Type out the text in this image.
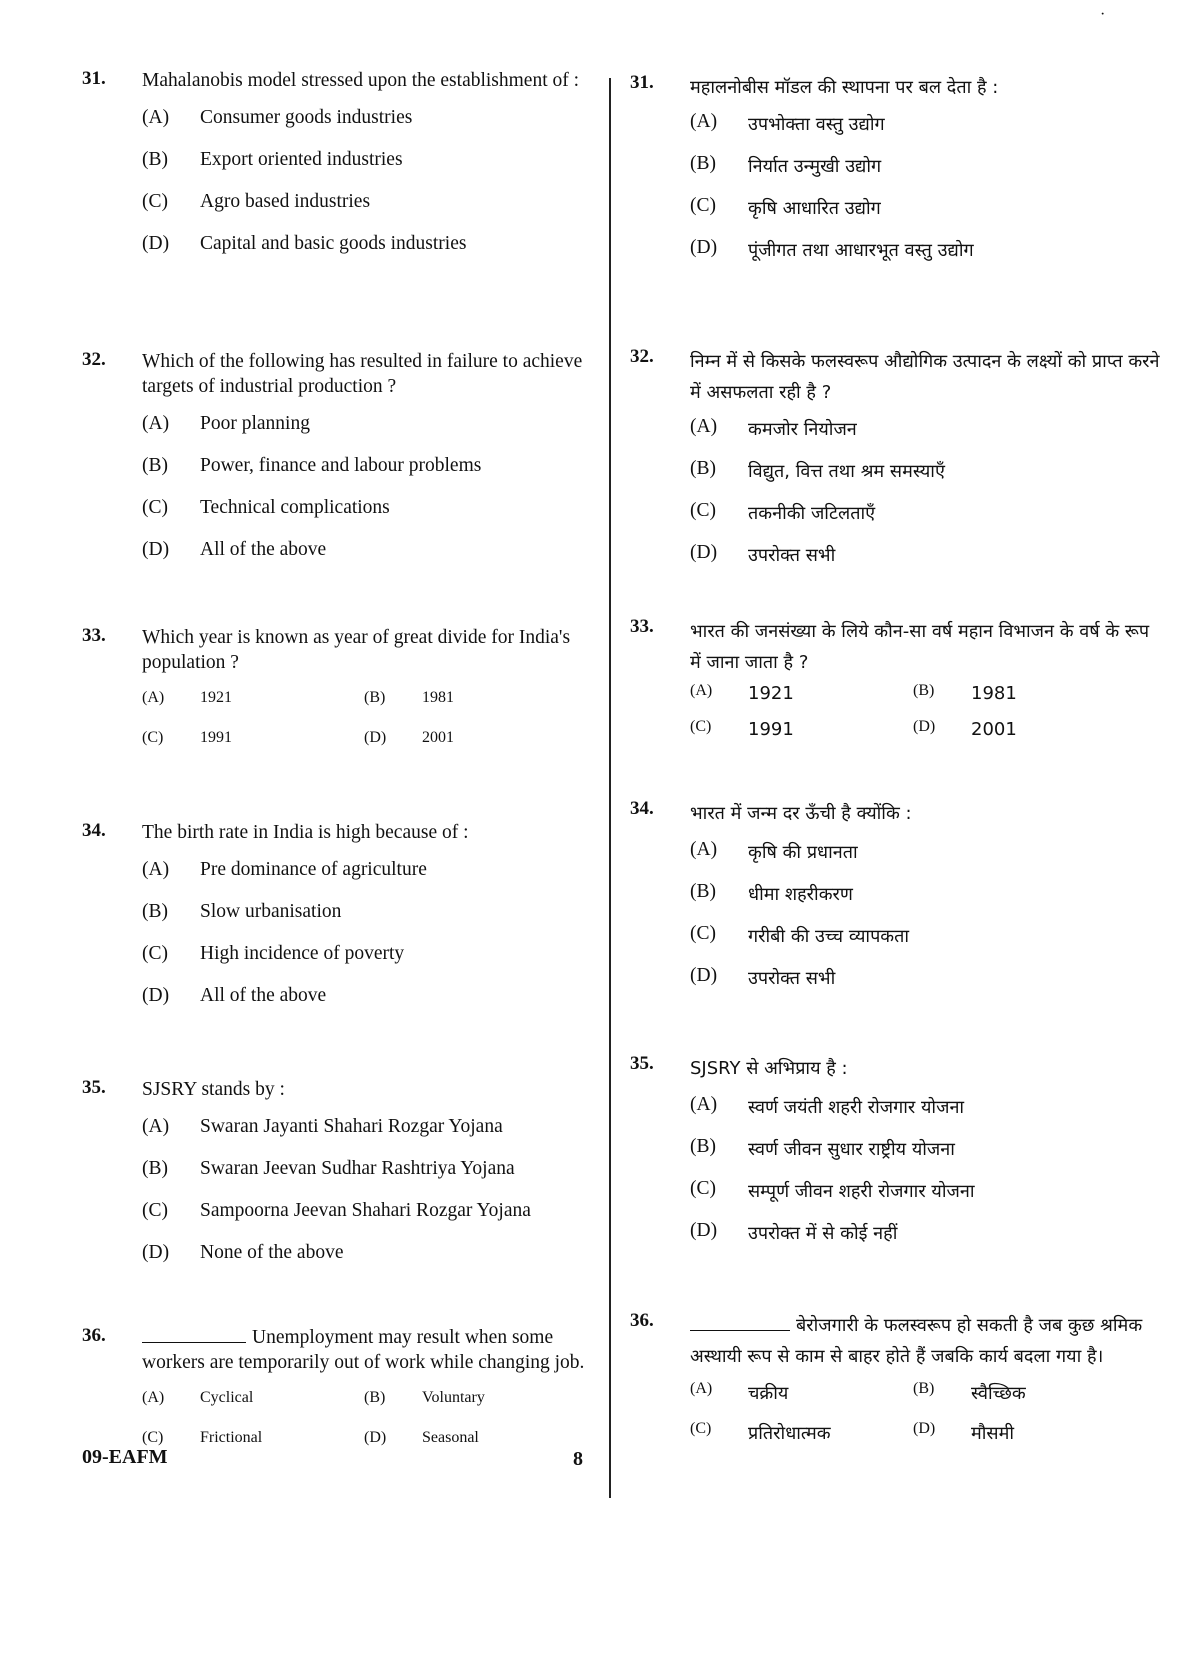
·
31. Mahalanobis model stressed upon the establishment of :
(A) Consumer goods industries
(B) Export oriented industries
(C) Agro based industries
(D) Capital and basic goods industries
32. Which of the following has resulted in failure to achieve targets of industrial production ?
(A) Poor planning
(B) Power, finance and labour problems
(C) Technical complications
(D) All of the above
33. Which year is known as year of great divide for India's population ?
(A) 1921	(B) 1981
(C) 1991	(D) 2001
34. The birth rate in India is high because of :
(A) Pre dominance of agriculture
(B) Slow urbanisation
(C) High incidence of poverty
(D) All of the above
35. SJSRY stands by :
(A) Swaran Jayanti Shahari Rozgar Yojana
(B) Swaran Jeevan Sudhar Rashtriya Yojana
(C) Sampoorna Jeevan Shahari Rozgar Yojana
(D) None of the above
36.	Unemployment may result when some workers are temporarily out of work while changing job.
(A) Cyclical	(B) Voluntary
(C) Frictional	(D) Seasonal
31. महालनोबीस मॉडल की स्थापना पर बल देता है :
(A) उपभोक्ता वस्तु उद्योग
(B) निर्यात उन्मुखी उद्योग
(C) कृषि आधारित उद्योग
(D) पूंजीगत तथा आधारभूत वस्तु उद्योग
32. निम्न में से किसके फलस्वरूप औद्योगिक उत्पादन के लक्ष्यों को प्राप्त करने में असफलता रही है ?
(A) कमजोर नियोजन
(B) विद्युत, वित्त तथा श्रम समस्याएँ
(C) तकनीकी जटिलताएँ
(D) उपरोक्त सभी
33. भारत की जनसंख्या के लिये कौन-सा वर्ष महान विभाजन के वर्ष के रूप में जाना जाता है ?
(A) 1921	(B) 1981
(C) 1991	(D) 2001
34. भारत में जन्म दर ऊँची है क्योंकि :
(A) कृषि की प्रधानता
(B) धीमा शहरीकरण
(C) गरीबी की उच्च व्यापकता
(D) उपरोक्त सभी
35. SJSRY से अभिप्राय है :
(A) स्वर्ण जयंती शहरी रोजगार योजना
(B) स्वर्ण जीवन सुधार राष्ट्रीय योजना
(C) सम्पूर्ण जीवन शहरी रोजगार योजना
(D) उपरोक्त में से कोई नहीं
36.	बेरोजगारी के फलस्वरूप हो सकती है जब कुछ श्रमिक अस्थायी रूप से काम से बाहर होते हैं जबकि कार्य बदला गया है।
(A) चक्रीय	(B) स्वैच्छिक
(C) प्रतिरोधात्मक	(D) मौसमी
09-EAFM	8
